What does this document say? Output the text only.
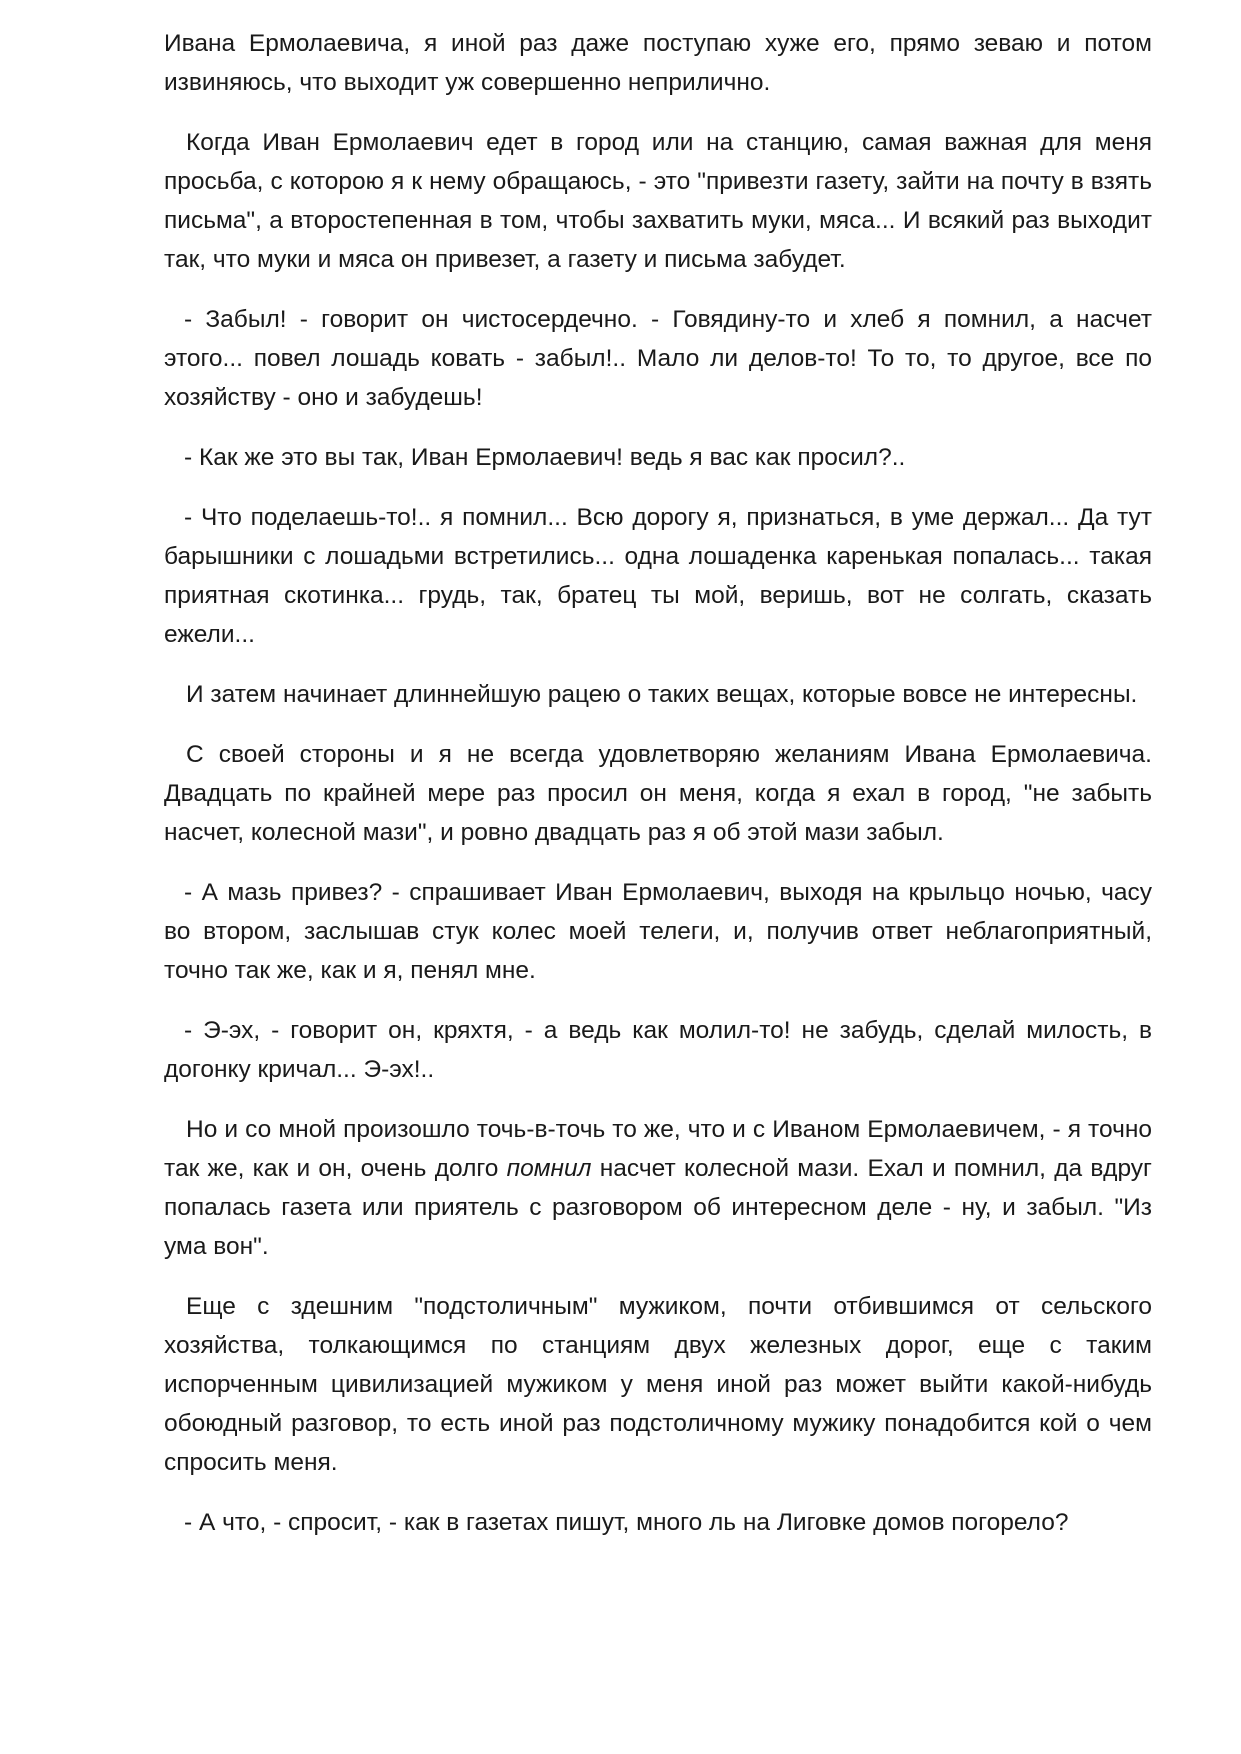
Ивана Ермолаевича, я иной раз даже поступаю хуже его, прямо зеваю и потом извиняюсь, что выходит уж совершенно неприлично.

Когда Иван Ермолаевич едет в город или на станцию, самая важная для меня просьба, с которою я к нему обращаюсь, - это "привезти газету, зайти на почту в взять письма", а второстепенная в том, чтобы захватить муки, мяса... И всякий раз выходит так, что муки и мяса он привезет, а газету и письма забудет.

- Забыл! - говорит он чистосердечно. - Говядину-то и хлеб я помнил, а насчет этого... повел лошадь ковать - забыл!.. Мало ли делов-то! То то, то другое, все по хозяйству - оно и забудешь!

- Как же это вы так, Иван Ермолаевич! ведь я вас как просил?..

- Что поделаешь-то!.. я помнил... Всю дорогу я, признаться, в уме держал... Да тут барышники с лошадьми встретились... одна лошаденка каренькая попалась... такая приятная скотинка... грудь, так, братец ты мой, веришь, вот не солгать, сказать ежели...

И затем начинает длиннейшую рацею о таких вещах, которые вовсе не интересны.

С своей стороны и я не всегда удовлетворяю желаниям Ивана Ермолаевича. Двадцать по крайней мере раз просил он меня, когда я ехал в город, "не забыть насчет, колесной мази", и ровно двадцать раз я об этой мази забыл.

- А мазь привез? - спрашивает Иван Ермолаевич, выходя на крыльцо ночью, часу во втором, заслышав стук колес моей телеги, и, получив ответ неблагоприятный, точно так же, как и я, пенял мне.

- Э-эх, - говорит он, кряхтя, - а ведь как молил-то! не забудь, сделай милость, в догонку кричал... Э-эх!..

Но и со мной произошло точь-в-точь то же, что и с Иваном Ермолаевичем, - я точно так же, как и он, очень долго помнил насчет колесной мази. Ехал и помнил, да вдруг попалась газета или приятель с разговором об интересном деле - ну, и забыл. "Из ума вон".

Еще с здешним "подстоличным" мужиком, почти отбившимся от сельского хозяйства, толкающимся по станциям двух железных дорог, еще с таким испорченным цивилизацией мужиком у меня иной раз может выйти какой-нибудь обоюдный разговор, то есть иной раз подстоличному мужику понадобится кой о чем спросить меня.

- А что, - спросит, - как в газетах пишут, много ль на Лиговке домов погорело?
